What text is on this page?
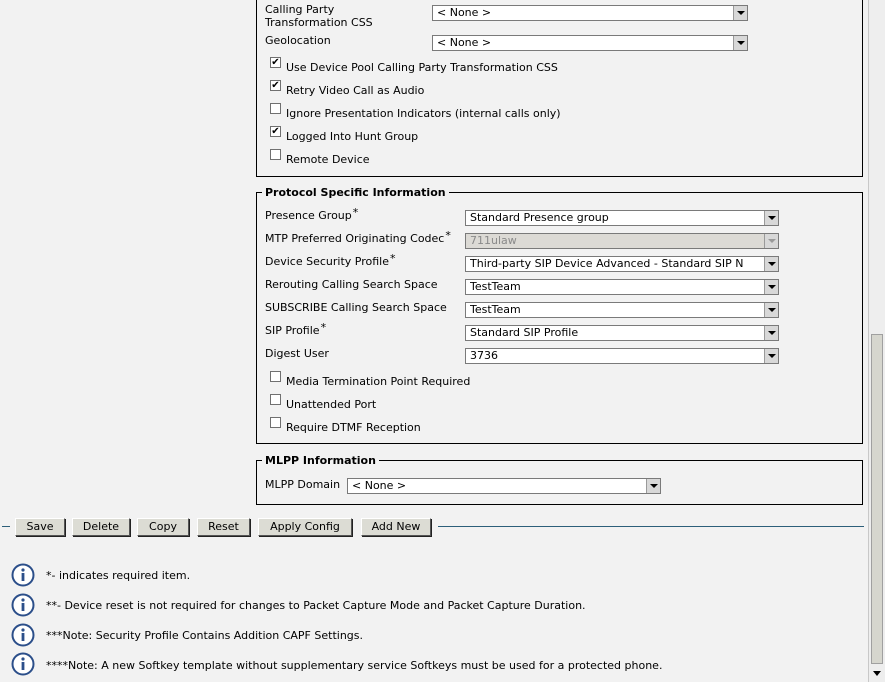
Calling Party
Transformation CSS
< None >
Geolocation	< None >
✔ Use Device Pool Calling Party Transformation CSS
✔ Retry Video Call as Audio
Ignore Presentation Indicators (internal calls only)
✔ Logged Into Hunt Group
Remote Device
Protocol Specific Information
Presence Group*	Standard Presence group
MTP Preferred Originating Codec* 711ulaw
Device Security Profile*	Third-party SIP Device Advanced - Standard SIP N
Rerouting Calling Search Space	TestTeam
SUBSCRIBE Calling Search Space TestTeam
SIP Profile*	Standard SIP Profile
Digest User	3736
Media Termination Point Required
Unattended Port
Require DTMF Reception
MLPP Information
MLPP Domain < None >
Save	Delete	Copy	Reset	Apply Config	Add New
*- indicates required item.
**- Device reset is not required for changes to Packet Capture Mode and Packet Capture Duration.
***Note: Security Profile Contains Addition CAPF Settings.
****Note: A new Softkey template without supplementary service Softkeys must be used for a protected phone.
